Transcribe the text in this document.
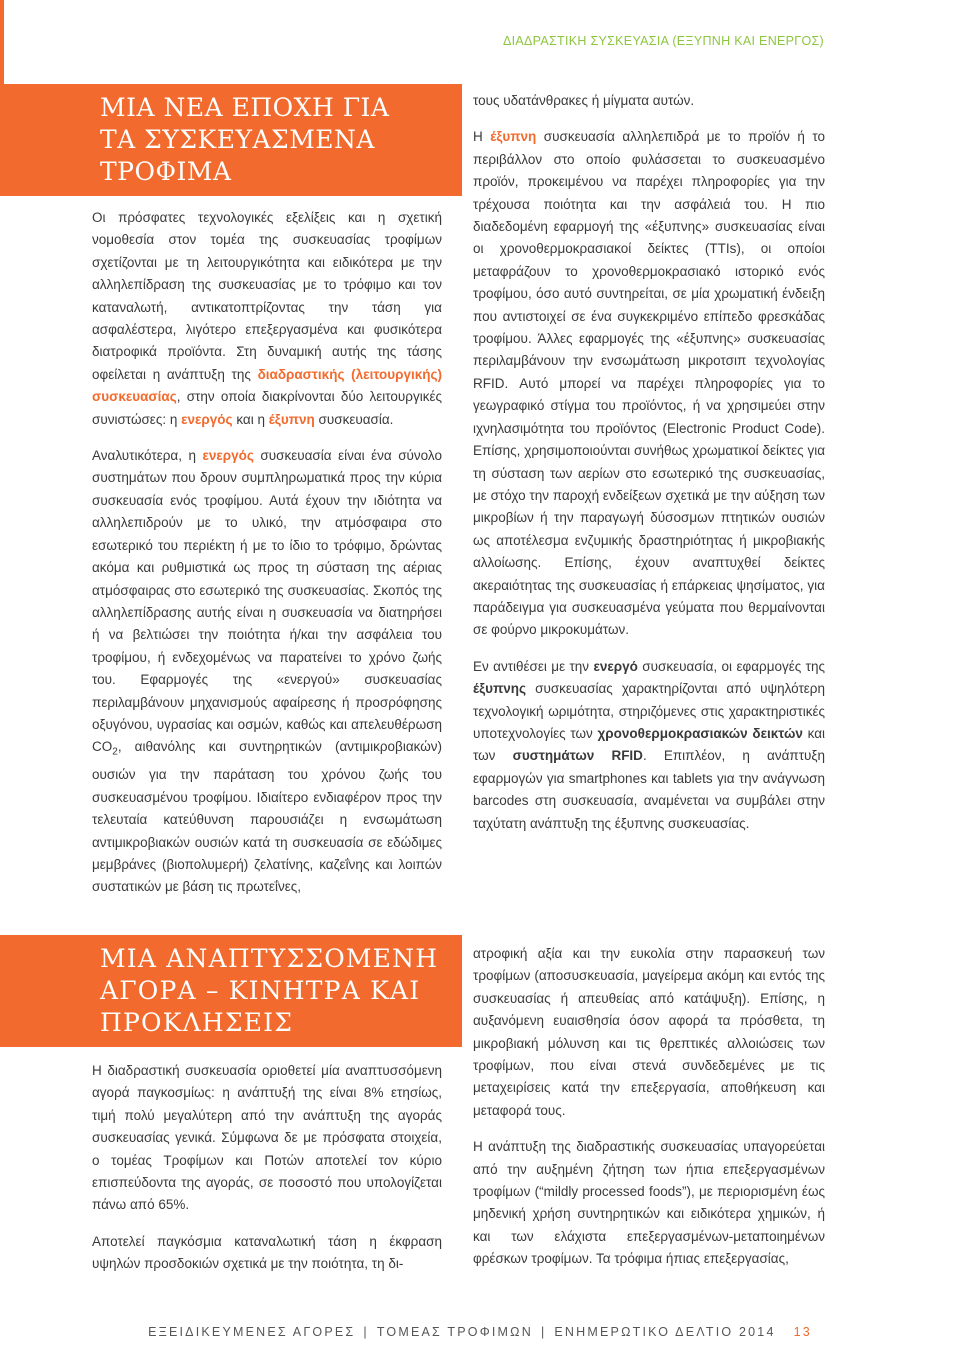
ΔΙΑΔΡΑΣΤΙΚΗ ΣΥΣΚΕΥΑΣΙΑ (ΕΞΥΠΝΗ ΚΑΙ ΕΝΕΡΓΟΣ)
ΜΙΑ ΝΕΑ ΕΠΟΧΗ ΓΙΑ
ΤΑ ΣΥΣΚΕΥΑΣΜΕΝΑ
ΤΡΟΦΙΜΑ

Οι πρόσφατες τεχνολογικές εξελίξεις και η σχετική νομοθεσία στον τομέα της συσκευασίας τροφίμων σχετίζονται με τη λειτουργικότητα και ειδικότερα με την αλληλεπίδραση της συσκευασίας με το τρόφιμο και τον καταναλωτή, αντικατοπτρίζοντας την τάση για ασφαλέστερα, λιγότερο επεξεργασμένα και φυσικότερα διατροφικά προϊόντα. Στη δυναμική αυτής της τάσης οφείλεται η ανάπτυξη της διαδραστικής (λειτουργικής) συσκευασίας, στην οποία διακρίνονται δύο λειτουργικές συνιστώσες: η ενεργός και η έξυπνη συσκευασία.

Αναλυτικότερα, η ενεργός συσκευασία είναι ένα σύνολο συστημάτων που δρουν συμπληρωματικά προς την κύρια συσκευασία ενός τροφίμου. Αυτά έχουν την ιδιότητα να αλληλεπιδρούν με το υλικό, την ατμόσφαιρα στο εσωτερικό του περιέκτη ή με το ίδιο το τρόφιμο, δρώντας ακόμα και ρυθμιστικά ως προς τη σύσταση της αέριας ατμόσφαιρας στο εσωτερικό της συσκευασίας. Σκοπός της αλληλεπίδρασης αυτής είναι η συσκευασία να διατηρήσει ή να βελτιώσει την ποιότητα ή/και την ασφάλεια του τροφίμου, ή ενδεχομένως να παρατείνει το χρόνο ζωής του. Εφαρμογές της «ενεργού» συσκευασίας περιλαμβάνουν μηχανισμούς αφαίρεσης ή προσρόφησης οξυγόνου, υγρασίας και οσμών, καθώς και απελευθέρωση $CO_2$, αιθανόλης και συντηρητικών (αντιμικροβιακών) ουσιών για την παράταση του χρόνου ζωής του συσκευασμένου τροφίμου. Ιδιαίτερο ενδιαφέρον προς την τελευταία κατεύθυνση παρουσιάζει η ενσωμάτωση αντιμικροβιακών ουσιών κατά τη συσκευασία σε εδώδιμες μεμβράνες (βιοπολυμερή) ζελατίνης, καζεΐνης και λοιπών συστατικών με βάση τις πρωτεΐνες,

τους υδατάνθρακες ή μίγματα αυτών.

Η έξυπνη συσκευασία αλληλεπιδρά με το προϊόν ή το περιβάλλον στο οποίο φυλάσσεται το συσκευασμένο προϊόν, προκειμένου να παρέχει πληροφορίες για την τρέχουσα ποιότητα και την ασφάλειά του. Η πιο διαδεδομένη εφαρμογή της «έξυπνης» συσκευασίας είναι οι χρονοθερμοκρασιακοί δείκτες (TTIs), οι οποίοι μεταφράζουν το χρονοθερμοκρασιακό ιστορικό ενός τροφίμου, όσο αυτό συντηρείται, σε μία χρωματική ένδειξη που αντιστοιχεί σε ένα συγκεκριμένο επίπεδο φρεσκάδας τροφίμου. Άλλες εφαρμογές της «έξυπνης» συσκευασίας περιλαμβάνουν την ενσωμάτωση μικροτσιπ τεχνολογίας RFID. Αυτό μπορεί να παρέχει πληροφορίες για το γεωγραφικό στίγμα του προϊόντος, ή να χρησιμεύει στην ιχνηλασιμότητα του προϊόντος (Electronic Product Code). Επίσης, χρησιμοποιούνται συνήθως χρωματικοί δείκτες για τη σύσταση των αερίων στο εσωτερικό της συσκευασίας, με στόχο την παροχή ενδείξεων σχετικά με την αύξηση των μικροβίων ή την παραγωγή δύσοσμων πτητικών ουσιών ως αποτέλεσμα ενζυμικής δραστηριότητας ή μικροβιακής αλλοίωσης. Επίσης, έχουν αναπτυχθεί δείκτες ακεραιότητας της συσκευασίας ή επάρκειας ψησίματος, για παράδειγμα για συσκευασμένα γεύματα που θερμαίνονται σε φούρνο μικροκυμάτων.

Εν αντιθέσει με την ενεργό συσκευασία, οι εφαρμογές της έξυπνης συσκευασίας χαρακτηρίζονται από υψηλότερη τεχνολογική ωριμότητα, στηριζόμενες στις χαρακτηριστικές υποτεχνολογίες των χρονοθερμοκρασιακών δεικτών και των συστημάτων RFID. Επιπλέον, η ανάπτυξη εφαρμογών για smartphones και tablets για την ανάγνωση barcodes στη συσκευασία, αναμένεται να συμβάλει στην ταχύτατη ανάπτυξη της έξυπνης συσκευασίας.

ΜΙΑ ΑΝΑΠΤΥΣΣΟΜΕΝΗ
ΑΓΟΡΑ – ΚΙΝΗΤΡΑ ΚΑΙ
ΠΡΟΚΛΗΣΕΙΣ

Η διαδραστική συσκευασία οριοθετεί μία αναπτυσσόμενη αγορά παγκοσμίως: η ανάπτυξή της είναι 8% ετησίως, τιμή πολύ μεγαλύτερη από την ανάπτυξη της αγοράς συσκευασίας γενικά. Σύμφωνα δε με πρόσφατα στοιχεία, ο τομέας Τροφίμων και Ποτών αποτελεί τον κύριο επισπεύδοντα της αγοράς, σε ποσοστό που υπολογίζεται πάνω από 65%.

Αποτελεί παγκόσμια καταναλωτική τάση η έκφραση υψηλών προσδοκιών σχετικά με την ποιότητα, τη δι-

ατροφική αξία και την ευκολία στην παρασκευή των τροφίμων (αποσυσκευασία, μαγείρεμα ακόμη και εντός της συσκευασίας ή απευθείας από κατάψυξη). Επίσης, η αυξανόμενη ευαισθησία όσον αφορά τα πρόσθετα, τη μικροβιακή μόλυνση και τις θρεπτικές αλλοιώσεις των τροφίμων, που είναι στενά συνδεδεμένες με τις μεταχειρίσεις κατά την επεξεργασία, αποθήκευση και μεταφορά τους.

Η ανάπτυξη της διαδραστικής συσκευασίας υπαγορεύεται από την αυξημένη ζήτηση των ήπια επεξεργασμένων τροφίμων (“mildly processed foods”), με περιορισμένη έως μηδενική χρήση συντηρητικών και ειδικότερα χημικών, ή και των ελάχιστα επεξεργασμένων-μεταποιημένων φρέσκων τροφίμων. Τα τρόφιμα ήπιας επεξεργασίας,

ΕΞΕΙΔΙΚΕΥΜΕΝΕΣ ΑΓΟΡΕΣ | ΤΟΜΕΑΣ ΤΡΟΦΙΜΩΝ | ΕΝΗΜΕΡΩΤΙΚΟ ΔΕΛΤΙΟ 2014 13
